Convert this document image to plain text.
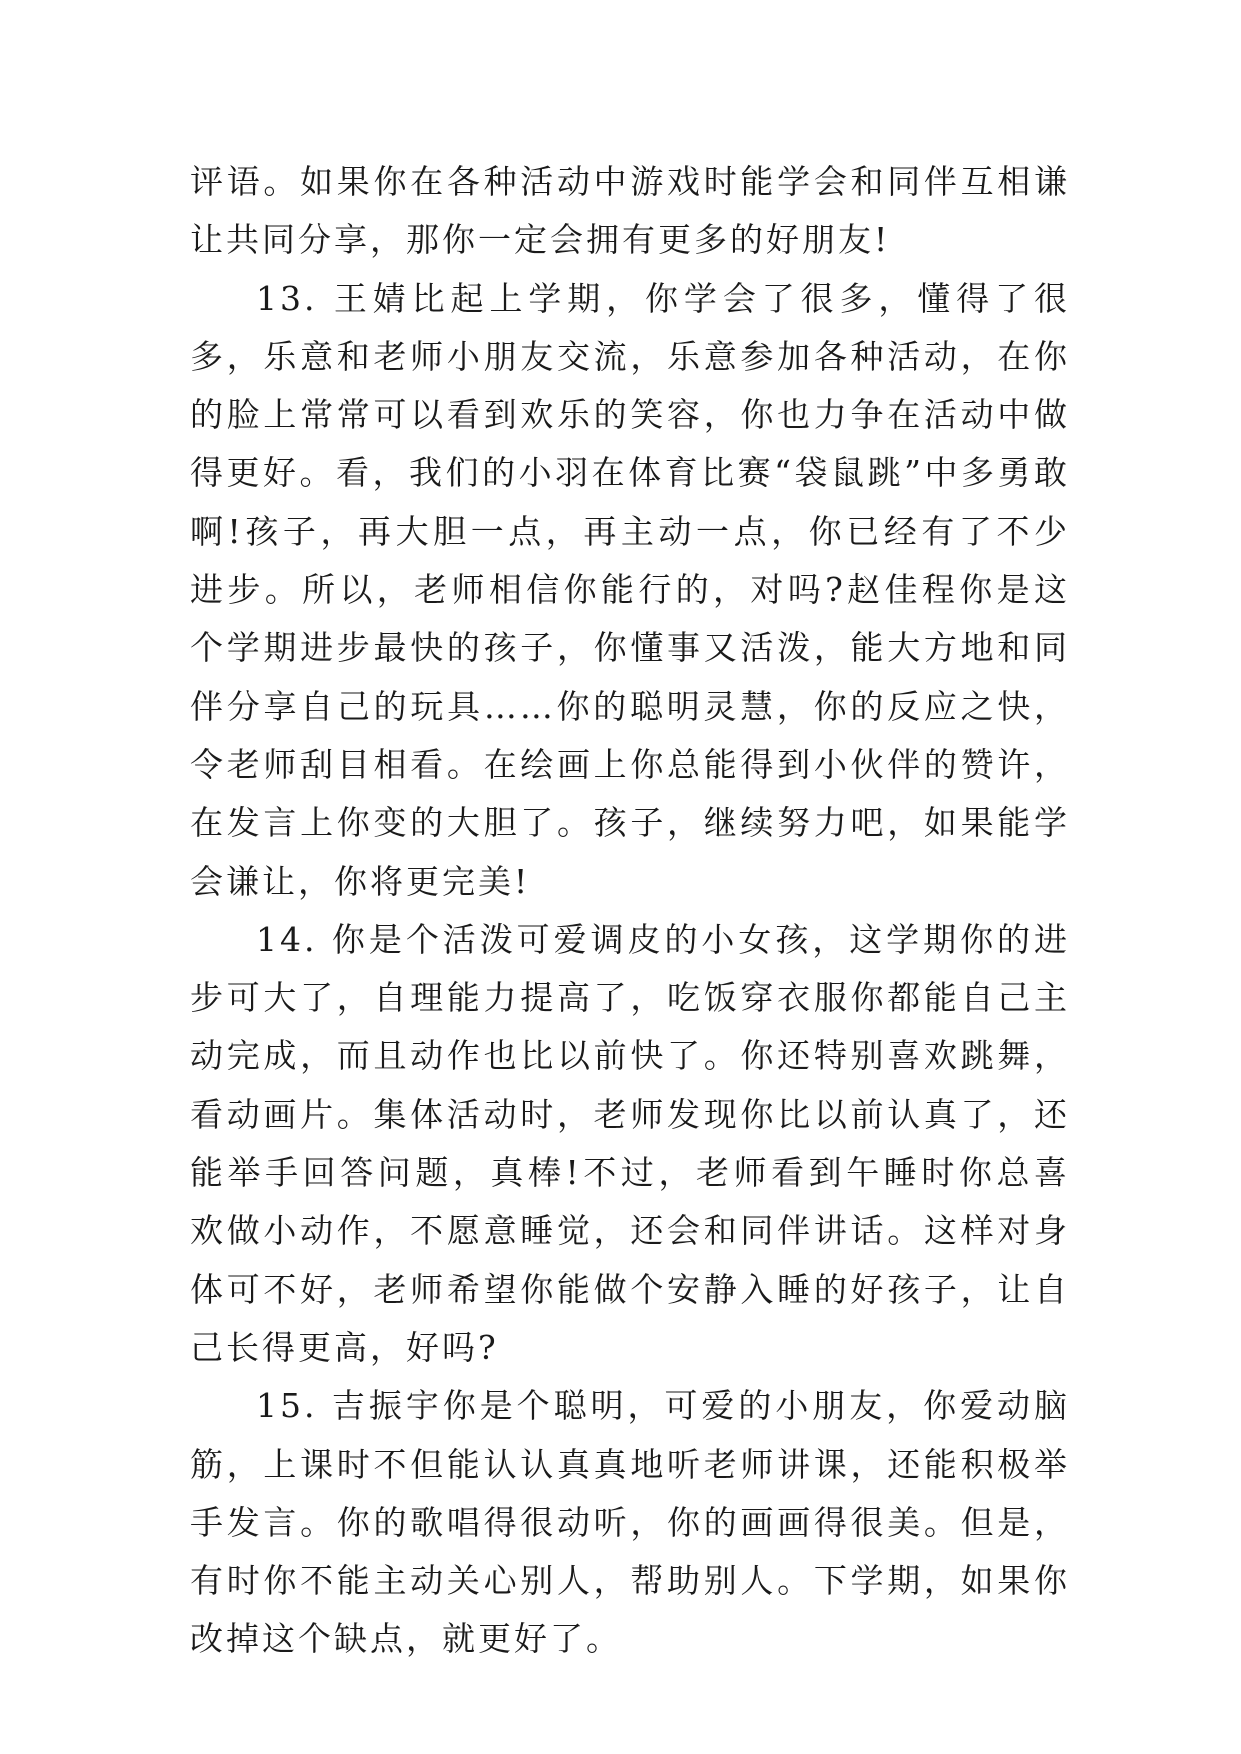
评语。如果你在各种活动中游戏时能学会和同伴互相谦让共同分享，那你一定会拥有更多的好朋友!

13. 王婧比起上学期，你学会了很多，懂得了很多，乐意和老师小朋友交流，乐意参加各种活动，在你的脸上常常可以看到欢乐的笑容，你也力争在活动中做得更好。看，我们的小羽在体育比赛“袋鼠跳”中多勇敢啊!孩子，再大胆一点，再主动一点，你已经有了不少进步。所以，老师相信你能行的，对吗?赵佳程你是这个学期进步最快的孩子，你懂事又活泼，能大方地和同伴分享自己的玩具……你的聪明灵慧，你的反应之快，令老师刮目相看。在绘画上你总能得到小伙伴的赞许，在发言上你变的大胆了。孩子，继续努力吧，如果能学会谦让，你将更完美!

14. 你是个活泼可爱调皮的小女孩，这学期你的进步可大了，自理能力提高了，吃饭穿衣服你都能自己主动完成，而且动作也比以前快了。你还特别喜欢跳舞，看动画片。集体活动时，老师发现你比以前认真了，还能举手回答问题，真棒!不过，老师看到午睡时你总喜欢做小动作，不愿意睡觉，还会和同伴讲话。这样对身体可不好，老师希望你能做个安静入睡的好孩子，让自己长得更高，好吗?

15. 吉振宇你是个聪明，可爱的小朋友，你爱动脑筋，上课时不但能认认真真地听老师讲课，还能积极举手发言。你的歌唱得很动听，你的画画得很美。但是，有时你不能主动关心别人，帮助别人。下学期，如果你改掉这个缺点，就更好了。
